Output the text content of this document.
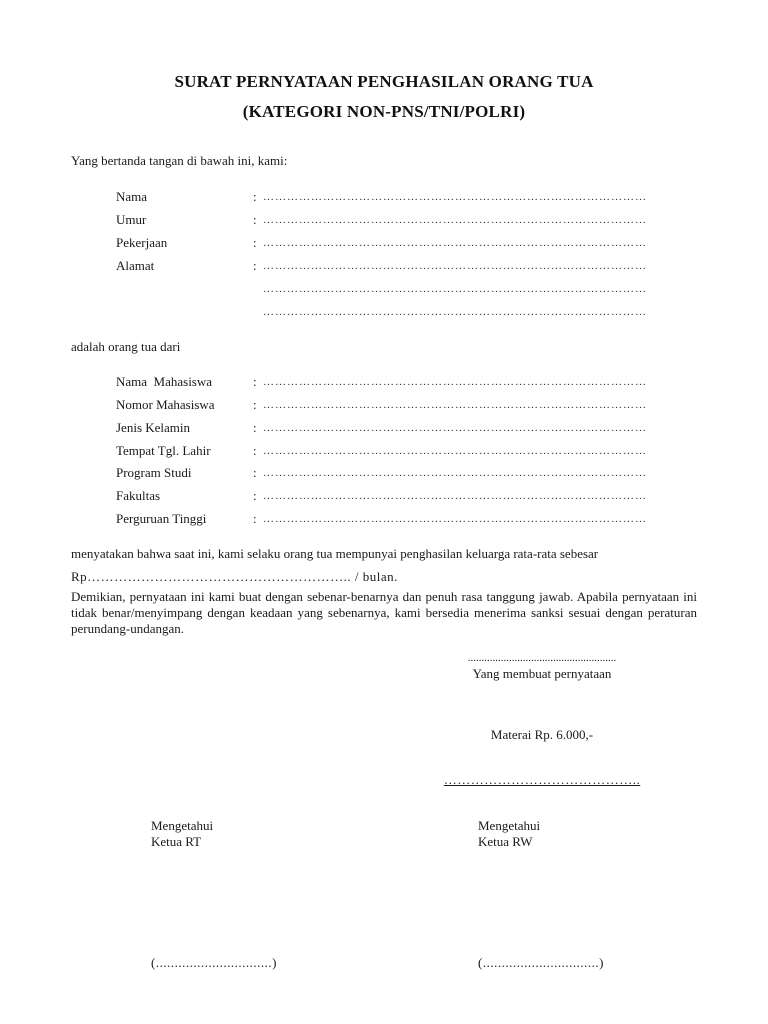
SURAT PERNYATAAN PENGHASILAN ORANG TUA
(KATEGORI NON-PNS/TNI/POLRI)
Yang bertanda tangan di bawah ini, kami:
Nama	: ……………………………………………………………………………………
Umur	: ……………………………………………………………………………………
Pekerjaan	: ……………………………………………………………………………………
Alamat	: ……………………………………………………………………………………
……………………………………………………………………………………
……………………………………………………………………………………
adalah orang tua dari
Nama  Mahasiswa	: ……………………………………………………………………………………
Nomor Mahasiswa	: ……………………………………………………………………………………
Jenis Kelamin	: ……………………………………………………………………………………
Tempat Tgl. Lahir	: ……………………………………………………………………………………
Program Studi	: ……………………………………………………………………………………
Fakultas	: ……………………………………………………………………………………
Perguruan Tinggi	: ……………………………………………………………………………………
menyatakan bahwa saat ini, kami selaku orang tua mempunyai penghasilan keluarga rata-rata sebesar
Rp………………………………………………….. / bulan.
Demikian, pernyataan ini kami buat dengan sebenar-benarnya dan penuh rasa tanggung jawab. Apabila pernyataan ini tidak benar/menyimpang dengan keadaan yang sebenarnya, kami bersedia menerima sanksi sesuai dengan peraturan perundang-undangan.
......................................................
Yang membuat pernyataan
Materai Rp. 6.000,-
……………………………………..
Mengetahui
Ketua RT
Mengetahui
Ketua RW
(...............................)	(...............................)
